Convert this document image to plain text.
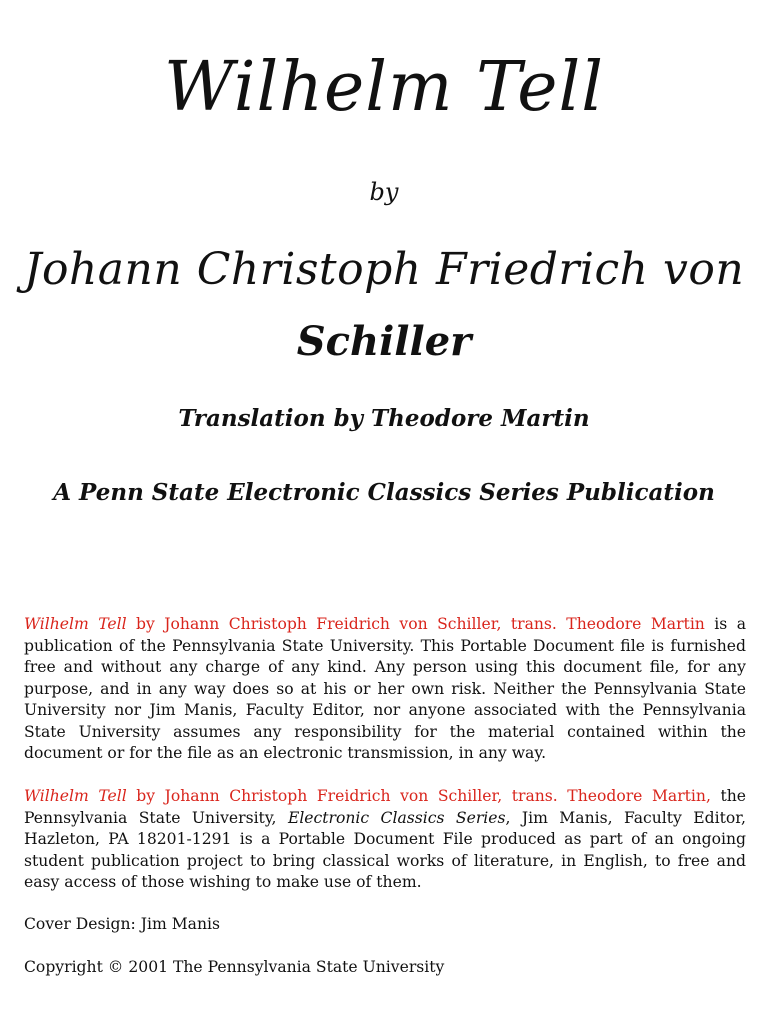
Wilhelm Tell
by
Johann Christoph Friedrich von
Schiller
Translation by Theodore Martin
A Penn State Electronic Classics Series Publication

Wilhelm Tell by Johann Christoph Freidrich von Schiller, trans. Theodore Martin is a publication of the Pennsylvania State University. This Portable Document file is furnished free and without any charge of any kind. Any person using this document file, for any purpose, and in any way does so at his or her own risk. Neither the Pennsylvania State University nor Jim Manis, Faculty Editor, nor anyone associated with the Pennsylvania State University assumes any responsibility for the material contained within the document or for the file as an electronic transmission, in any way.

Wilhelm Tell by Johann Christoph Freidrich von Schiller, trans. Theodore Martin, the Pennsylvania State University, Electronic Classics Series, Jim Manis, Faculty Editor, Hazleton, PA 18201-1291 is a Portable Document File produced as part of an ongoing student publication project to bring classical works of literature, in English, to free and easy access of those wishing to make use of them.

Cover Design: Jim Manis

Copyright © 2001 The Pennsylvania State University
